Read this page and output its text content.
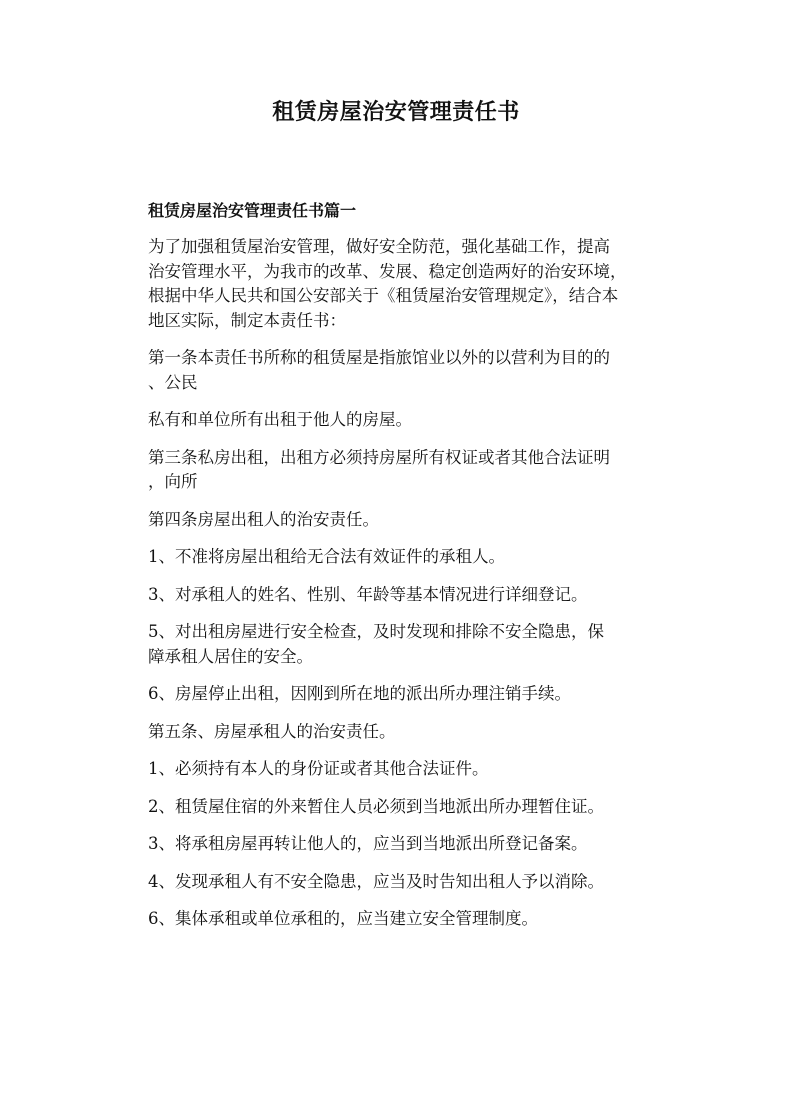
租赁房屋治安管理责任书
租赁房屋治安管理责任书篇一

为了加强租赁屋治安管理，做好安全防范，强化基础工作，提高
治安管理水平，为我市的改革、发展、稳定创造两好的治安环境，
根据中华人民共和国公安部关于《租赁屋治安管理规定》，结合本
地区实际，制定本责任书：

第一条本责任书所称的租赁屋是指旅馆业以外的以营利为目的的
、公民

私有和单位所有出租于他人的房屋。

第三条私房出租，出租方必须持房屋所有权证或者其他合法证明
，向所

第四条房屋出租人的治安责任。

1、不准将房屋出租给无合法有效证件的承租人。

3、对承租人的姓名、性别、年龄等基本情况进行详细登记。

5、对出租房屋进行安全检查，及时发现和排除不安全隐患，保
障承租人居住的安全。

6、房屋停止出租，因刚到所在地的派出所办理注销手续。

第五条、房屋承租人的治安责任。

1、必须持有本人的身份证或者其他合法证件。

2、租赁屋住宿的外来暂住人员必须到当地派出所办理暂住证。

3、将承租房屋再转让他人的，应当到当地派出所登记备案。

4、发现承租人有不安全隐患，应当及时告知出租人予以消除。

6、集体承租或单位承租的，应当建立安全管理制度。
